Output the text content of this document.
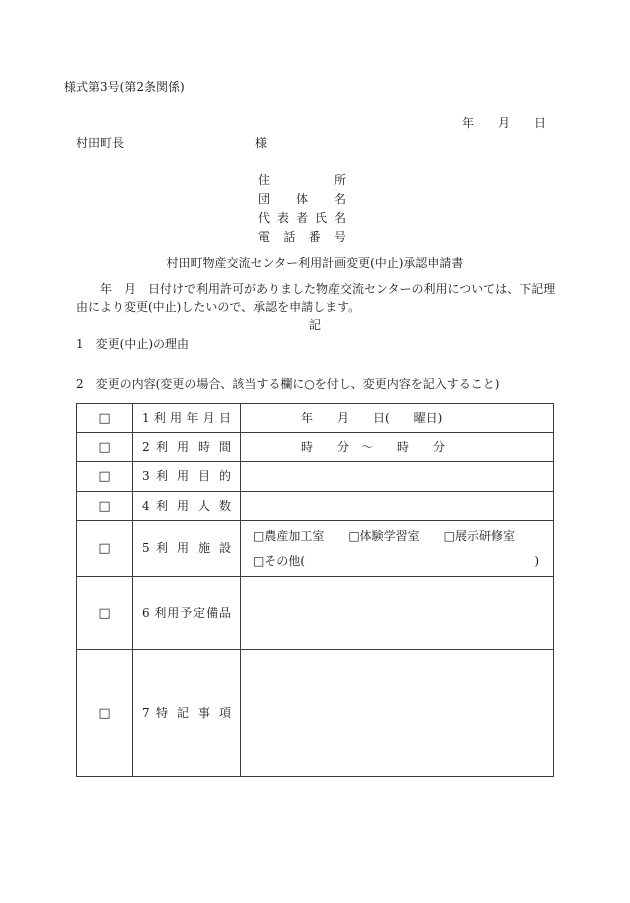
様式第3号(第2条関係)
年　　月　　日
村田町長	様
住 所
団 体 名
代表者氏名
電 話 番 号
村田町物産交流センター利用計画変更(中止)承認申請書
　　年　月　日付けで利用許可がありました物産交流センターの利用については、下記理
由により変更(中止)したいので、承認を申請します。
記
1　変更(中止)の理由
2　変更の内容(変更の場合、該当する欄に○を付し、変更内容を記入すること)
□	1 利 用 年 月 日	年　　月　　日(　　曜日)
□	2 利 用 時 間	時　　分　～　　時　　分
□	3 利 用 目 的	
□	4 利 用 人 数	
□	5 利 用 施 設	□農産加工室　　□体験学習室　　□展示研修室
□その他( )

□	6 利用予定備品	
□	7 特 記 事 項	
